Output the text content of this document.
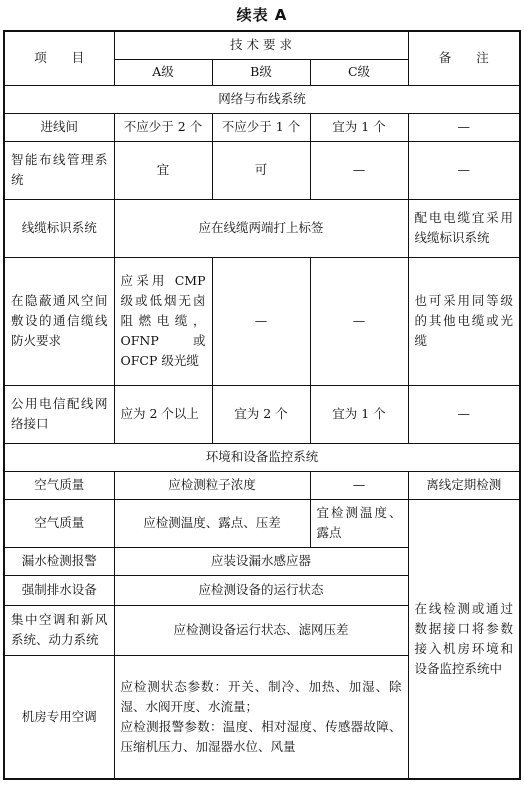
续表 A
项　　目	技 术 要 求			备　　注
	A级	B级	C级	
网络与布线系统				
进线间	不应少于 2 个	不应少于 1 个	宜为 1 个	—
智能布线管理系统	宜	可	—	—
线缆标识系统	应在线缆两端打上标签			配电电缆宜采用线缆标识系统
在隐蔽通风空间敷设的通信缆线防火要求	应采用 CMP 级或低烟无卤阻燃电缆，OFNP 或 OFCP 级光缆	—	—	也可采用同等级的其他电缆或光缆
公用电信配线网络接口	应为 2 个以上	宜为 2 个	宜为 1 个	—
环境和设备监控系统				
空气质量	应检测粒子浓度		—	离线定期检测
空气质量	应检测温度、露点、压差		宜检测温度、露点	在线检测或通过数据接口将参数接入机房环境和设备监控系统中
漏水检测报警	应装设漏水感应器			
强制排水设备	应检测设备的运行状态			
集中空调和新风系统、动力系统	应检测设备运行状态、滤网压差			
机房专用空调	应检测状态参数：开关、制冷、加热、加湿、除湿、水阀开度、水流量；
应检测报警参数：温度、相对湿度、传感器故障、压缩机压力、加湿器水位、风量			
